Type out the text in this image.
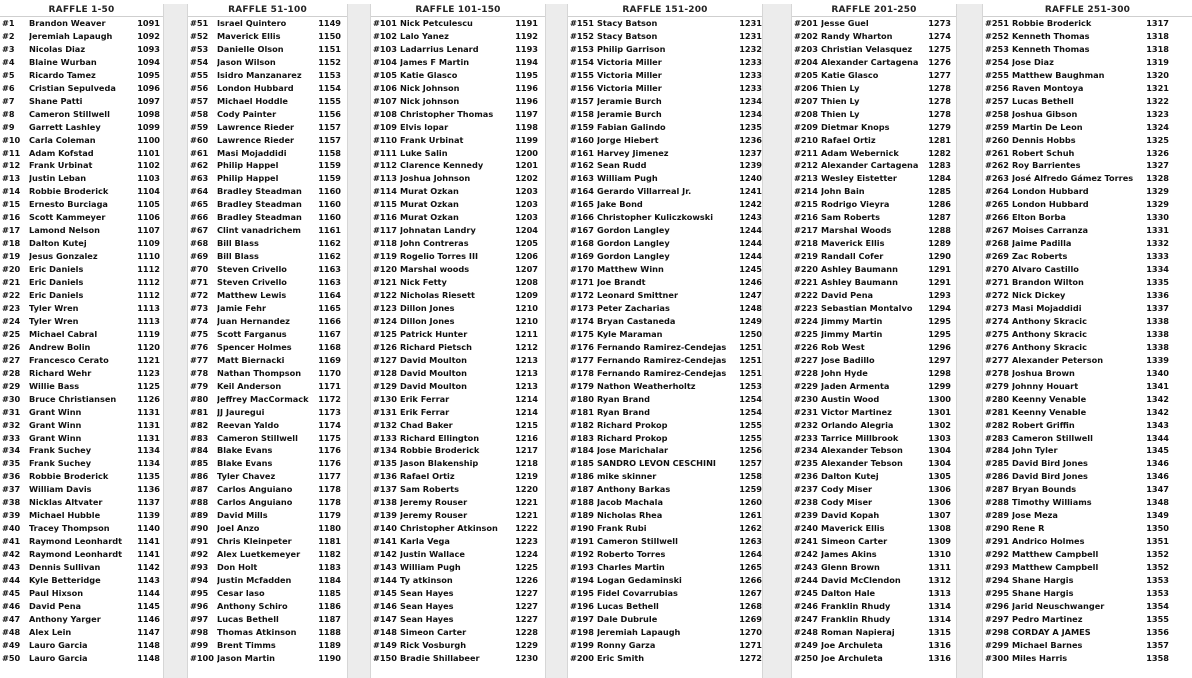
RAFFLE 1-50
#1 Brandon Weaver	1091
#2 Jeremiah Lapaugh	1092
#3 Nicolas Diaz	1093
#4 Blaine Wurban	1094
#5 Ricardo Tamez	1095
#6 Cristian Sepulveda	1096
#7 Shane Patti	1097
#8 Cameron Stillwell	1098
#9 Garrett Lashley	1099
#10 Carla Coleman	1100
#11 Adam Kofstad	1101
#12 Frank Urbinat	1102
#13 Justin Leban	1103
#14 Robbie Broderick	1104
#15 Ernesto Burciaga	1105
#16 Scott Kammeyer	1106
#17 Lamond Nelson	1107
#18 Dalton Kutej	1109
#19 Jesus Gonzalez	1110
#20 Eric Daniels	1112
#21 Eric Daniels	1112
#22 Eric Daniels	1112
#23 Tyler Wren	1113
#24 Tyler Wren	1113
#25 Michael Cabral	1119
#26 Andrew Bolin	1120
#27 Francesco Cerato	1121
#28 Richard Wehr	1123
#29 Willie Bass	1125
#30 Bruce Christiansen	1126
#31 Grant Winn	1131
#32 Grant Winn	1131
#33 Grant Winn	1131
#34 Frank Suchey	1134
#35 Frank Suchey	1134
#36 Robbie Broderick	1135
#37 William Davis	1136
#38 Nicklas Altvater	1137
#39 Michael Hubble	1139
#40 Tracey Thompson	1140
#41 Raymond Leonhardt	1141
#42 Raymond Leonhardt	1141
#43 Dennis Sullivan	1142
#44 Kyle Betteridge	1143
#45 Paul Hixson	1144
#46 David Pena	1145
#47 Anthony Yarger	1146
#48 Alex Lein	1147
#49 Lauro Garcia	1148
#50 Lauro Garcia	1148
RAFFLE 51-100
#51 Israel Quintero	1149
#52 Maverick Ellis	1150
#53 Danielle Olson	1151
#54 Jason Wilson	1152
#55 Isidro Manzanarez	1153
#56 London Hubbard	1154
#57 Michael Hoddle	1155
#58 Cody Painter	1156
#59 Lawrence Rieder	1157
#60 Lawrence Rieder	1157
#61 Masi Mojaddidi	1158
#62 Philip Happel	1159
#63 Philip Happel	1159
#64 Bradley Steadman	1160
#65 Bradley Steadman	1160
#66 Bradley Steadman	1160
#67 Clint vanadrichem	1161
#68 Bill Blass	1162
#69 Bill Blass	1162
#70 Steven Crivello	1163
#71 Steven Crivello	1163
#72 Matthew Lewis	1164
#73 Jamie Fehr	1165
#74 Juan Hernandez	1166
#75 Scott Farganus	1167
#76 Spencer Holmes	1168
#77 Matt Biernacki	1169
#78 Nathan Thompson	1170
#79 Keil Anderson	1171
#80 Jeffrey MacCormack	1172
#81 JJ Jauregui	1173
#82 Reevan Yaldo	1174
#83 Cameron Stillwell	1175
#84 Blake Evans	1176
#85 Blake Evans	1176
#86 Tyler Chavez	1177
#87 Carlos Anguiano	1178
#88 Carlos Anguiano	1178
#89 David Mills	1179
#90 Joel Anzo	1180
#91 Chris Kleinpeter	1181
#92 Alex Luetkemeyer	1182
#93 Don Holt	1183
#94 Justin Mcfadden	1184
#95 Cesar laso	1185
#96 Anthony Schiro	1186
#97 Lucas Bethell	1187
#98 Thomas Atkinson	1188
#99 Brent Timms	1189
#100 Jason Martin	1190
RAFFLE 101-150
#101 Nick Petculescu	1191
#102 Lalo Yanez	1192
#103 Ladarrius Lenard	1193
#104 James F Martin	1194
#105 Katie Glasco	1195
#106 Nick Johnson	1196
#107 Nick johnson	1196
#108 Christopher Thomas	1197
#109 Elvis lopar	1198
#110 Frank Urbinat	1199
#111 Luke Salin	1200
#112 Clarence Kennedy	1201
#113 Joshua Johnson	1202
#114 Murat Ozkan	1203
#115 Murat Ozkan	1203
#116 Murat Ozkan	1203
#117 Johnatan Landry	1204
#118 John Contreras	1205
#119 Rogelio Torres III	1206
#120 Marshal woods	1207
#121 Nick Fetty	1208
#122 Nicholas Riesett	1209
#123 Dillon Jones	1210
#124 Dillon Jones	1210
#125 Patrick Hunter	1211
#126 Richard Pietsch	1212
#127 David Moulton	1213
#128 David Moulton	1213
#129 David Moulton	1213
#130 Erik Ferrar	1214
#131 Erik Ferrar	1214
#132 Chad Baker	1215
#133 Richard Ellington	1216
#134 Robbie Broderick	1217
#135 Jason Blakenship	1218
#136 Rafael Ortiz	1219
#137 Sam Roberts	1220
#138 Jeremy Rouser	1221
#139 Jeremy Rouser	1221
#140 Christopher Atkinson	1222
#141 Karla Vega	1223
#142 Justin Wallace	1224
#143 William Pugh	1225
#144 Ty atkinson	1226
#145 Sean Hayes	1227
#146 Sean Hayes	1227
#147 Sean Hayes	1227
#148 Simeon Carter	1228
#149 Rick Vosburgh	1229
#150 Bradie Shillabeer	1230
RAFFLE 151-200
#151 Stacy Batson	1231
#152 Stacy Batson	1231
#153 Philip Garrison	1232
#154 Victoria Miller	1233
#155 Victoria Miller	1233
#156 Victoria Miller	1233
#157 Jeramie Burch	1234
#158 Jeramie Burch	1234
#159 Fabian Galindo	1235
#160 Jorge Hiebert	1236
#161 Harvey Jimenez	1237
#162 Sean Rudd	1239
#163 William Pugh	1240
#164 Gerardo Villarreal Jr.	1241
#165 Jake Bond	1242
#166 Christopher Kuliczkowski	1243
#167 Gordon Langley	1244
#168 Gordon Langley	1244
#169 Gordon Langley	1244
#170 Matthew Winn	1245
#171 Joe Brandt	1246
#172 Leonard Smittner	1247
#173 Peter Zacharias	1248
#174 Bryan Castaneda	1249
#175 Kyle Maraman	1250
#176 Fernando Ramirez-Cendejas	1251
#177 Fernando Ramirez-Cendejas	1251
#178 Fernando Ramirez-Cendejas	1251
#179 Nathon Weatherholtz	1253
#180 Ryan Brand	1254
#181 Ryan Brand	1254
#182 Richard Prokop	1255
#183 Richard Prokop	1255
#184 Jose Marichalar	1256
#185 SANDRO LEVON CESCHINI	1257
#186 mike skinner	1258
#187 Anthony Barkas	1259
#188 Jacob Machala	1260
#189 Nicholas Rhea	1261
#190 Frank Rubi	1262
#191 Cameron Stillwell	1263
#192 Roberto Torres	1264
#193 Charles Martin	1265
#194 Logan Gedaminski	1266
#195 Fidel Covarrubias	1267
#196 Lucas Bethell	1268
#197 Dale Dubrule	1269
#198 Jeremiah Lapaugh	1270
#199 Ronny Garza	1271
#200 Eric Smith	1272
RAFFLE 201-250
#201 Jesse Guel	1273
#202 Randy Wharton	1274
#203 Christian Velasquez	1275
#204 Alexander Cartagena	1276
#205 Katie Glasco	1277
#206 Thien Ly	1278
#207 Thien Ly	1278
#208 Thien Ly	1278
#209 Dietmar Knops	1279
#210 Rafael Ortiz	1281
#211 Adam Webernick	1282
#212 Alexander Cartagena	1283
#213 Wesley Eistetter	1284
#214 John Bain	1285
#215 Rodrigo Vieyra	1286
#216 Sam Roberts	1287
#217 Marshal Woods	1288
#218 Maverick Ellis	1289
#219 Randall Cofer	1290
#220 Ashley Baumann	1291
#221 Ashley Baumann	1291
#222 David Pena	1293
#223 Sebastian Montalvo	1294
#224 Jimmy Martin	1295
#225 Jimmy Martin	1295
#226 Rob West	1296
#227 Jose Badillo	1297
#228 John Hyde	1298
#229 Jaden Armenta	1299
#230 Austin Wood	1300
#231 Victor Martinez	1301
#232 Orlando Alegria	1302
#233 Tarrice Millbrook	1303
#234 Alexander Tebson	1304
#235 Alexander Tebson	1304
#236 Dalton Kutej	1305
#237 Cody Miser	1306
#238 Cody Miser	1306
#239 David Kopah	1307
#240 Maverick Ellis	1308
#241 Simeon Carter	1309
#242 James Akins	1310
#243 Glenn Brown	1311
#244 David McClendon	1312
#245 Dalton Hale	1313
#246 Franklin Rhudy	1314
#247 Franklin Rhudy	1314
#248 Roman Napieraj	1315
#249 Joe Archuleta	1316
#250 Joe Archuleta	1316
RAFFLE 251-300
#251 Robbie Broderick	1317
#252 Kenneth Thomas	1318
#253 Kenneth Thomas	1318
#254 Jose Diaz	1319
#255 Matthew Baughman	1320
#256 Raven Montoya	1321
#257 Lucas Bethell	1322
#258 Joshua Gibson	1323
#259 Martin De Leon	1324
#260 Dennis Hobbs	1325
#261 Robert Schuh	1326
#262 Roy Barrientes	1327
#263 José Alfredo Gámez Torres	1328
#264 London Hubbard	1329
#265 London Hubbard	1329
#266 Elton Borba	1330
#267 Moises Carranza	1331
#268 Jaime Padilla	1332
#269 Zac Roberts	1333
#270 Alvaro Castillo	1334
#271 Brandon Wilton	1335
#272 Nick Dickey	1336
#273 Masi Mojaddidi	1337
#274 Anthony Skracic	1338
#275 Anthony Skracic	1338
#276 Anthony Skracic	1338
#277 Alexander Peterson	1339
#278 Joshua Brown	1340
#279 Johnny Houart	1341
#280 Keenny Venable	1342
#281 Keenny Venable	1342
#282 Robert Griffin	1343
#283 Cameron Stillwell	1344
#284 John Tyler	1345
#285 David Bird Jones	1346
#286 David Bird Jones	1346
#287 Bryan Bounds	1347
#288 Timothy Williams	1348
#289 Jose Meza	1349
#290 Rene R	1350
#291 Andrico Holmes	1351
#292 Matthew Campbell	1352
#293 Matthew Campbell	1352
#294 Shane Hargis	1353
#295 Shane Hargis	1353
#296 Jarid Neuschwanger	1354
#297 Pedro Martinez	1355
#298 CORDAY A JAMES	1356
#299 Michael Barnes	1357
#300 Miles Harris	1358
